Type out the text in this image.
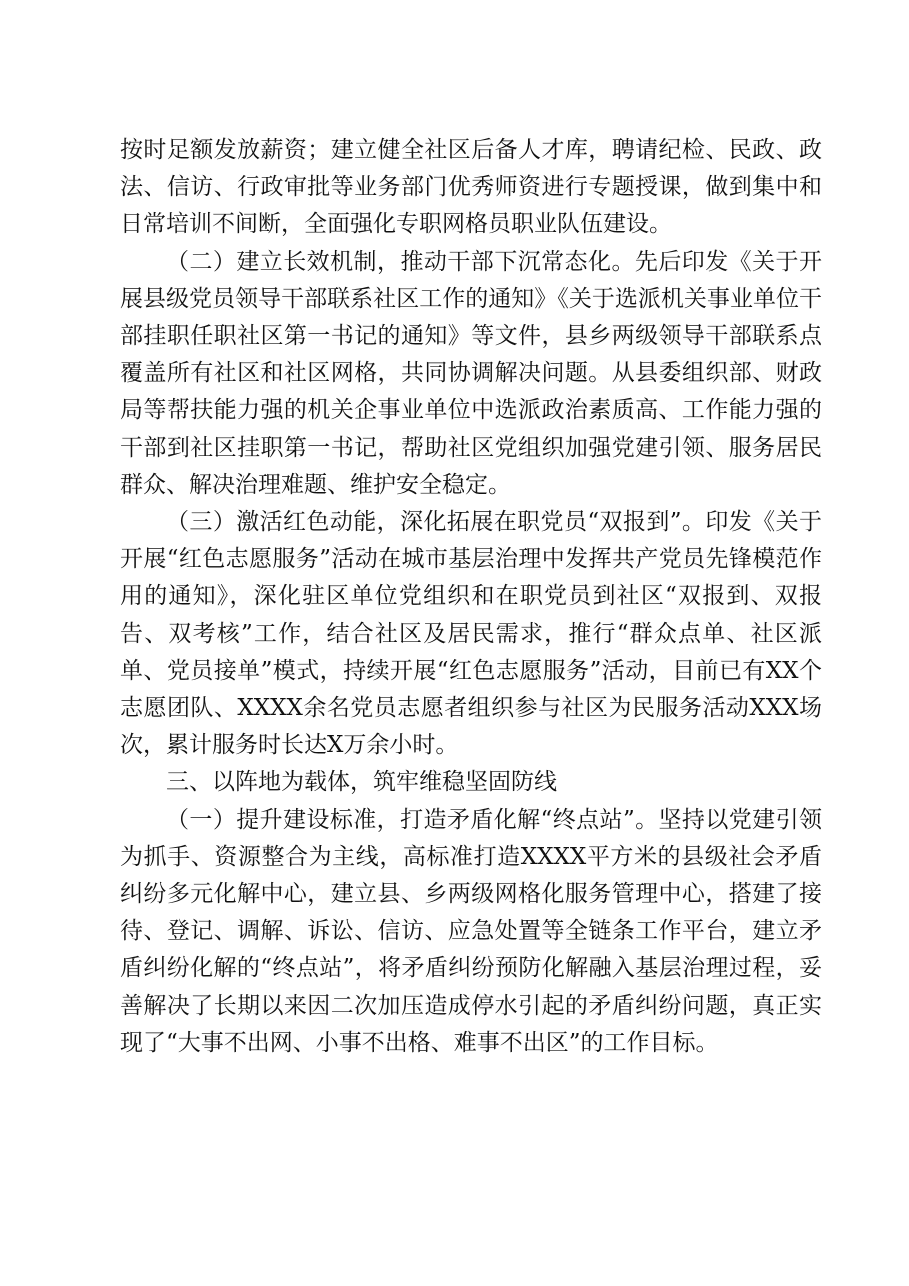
按时足额发放薪资；建立健全社区后备人才库，聘请纪检、民政、政法、信访、行政审批等业务部门优秀师资进行专题授课，做到集中和日常培训不间断，全面强化专职网格员职业队伍建设。

（二）建立长效机制，推动干部下沉常态化。先后印发《关于开展县级党员领导干部联系社区工作的通知》《关于选派机关事业单位干部挂职任职社区第一书记的通知》等文件，县乡两级领导干部联系点覆盖所有社区和社区网格，共同协调解决问题。从县委组织部、财政局等帮扶能力强的机关企事业单位中选派政治素质高、工作能力强的干部到社区挂职第一书记，帮助社区党组织加强党建引领、服务居民群众、解决治理难题、维护安全稳定。

（三）激活红色动能，深化拓展在职党员“双报到”。印发《关于开展“红色志愿服务”活动在城市基层治理中发挥共产党员先锋模范作用的通知》，深化驻区单位党组织和在职党员到社区“双报到、双报告、双考核”工作，结合社区及居民需求，推行“群众点单、社区派单、党员接单”模式，持续开展“红色志愿服务”活动，目前已有XX个志愿团队、XXXX余名党员志愿者组织参与社区为民服务活动XXX场次，累计服务时长达X万余小时。

三、以阵地为载体，筑牢维稳坚固防线

（一）提升建设标准，打造矛盾化解“终点站”。坚持以党建引领为抓手、资源整合为主线，高标准打造XXXX平方米的县级社会矛盾纠纷多元化解中心，建立县、乡两级网格化服务管理中心，搭建了接待、登记、调解、诉讼、信访、应急处置等全链条工作平台，建立矛盾纠纷化解的“终点站”，将矛盾纠纷预防化解融入基层治理过程，妥善解决了长期以来因二次加压造成停水引起的矛盾纠纷问题，真正实现了“大事不出网、小事不出格、难事不出区”的工作目标。
